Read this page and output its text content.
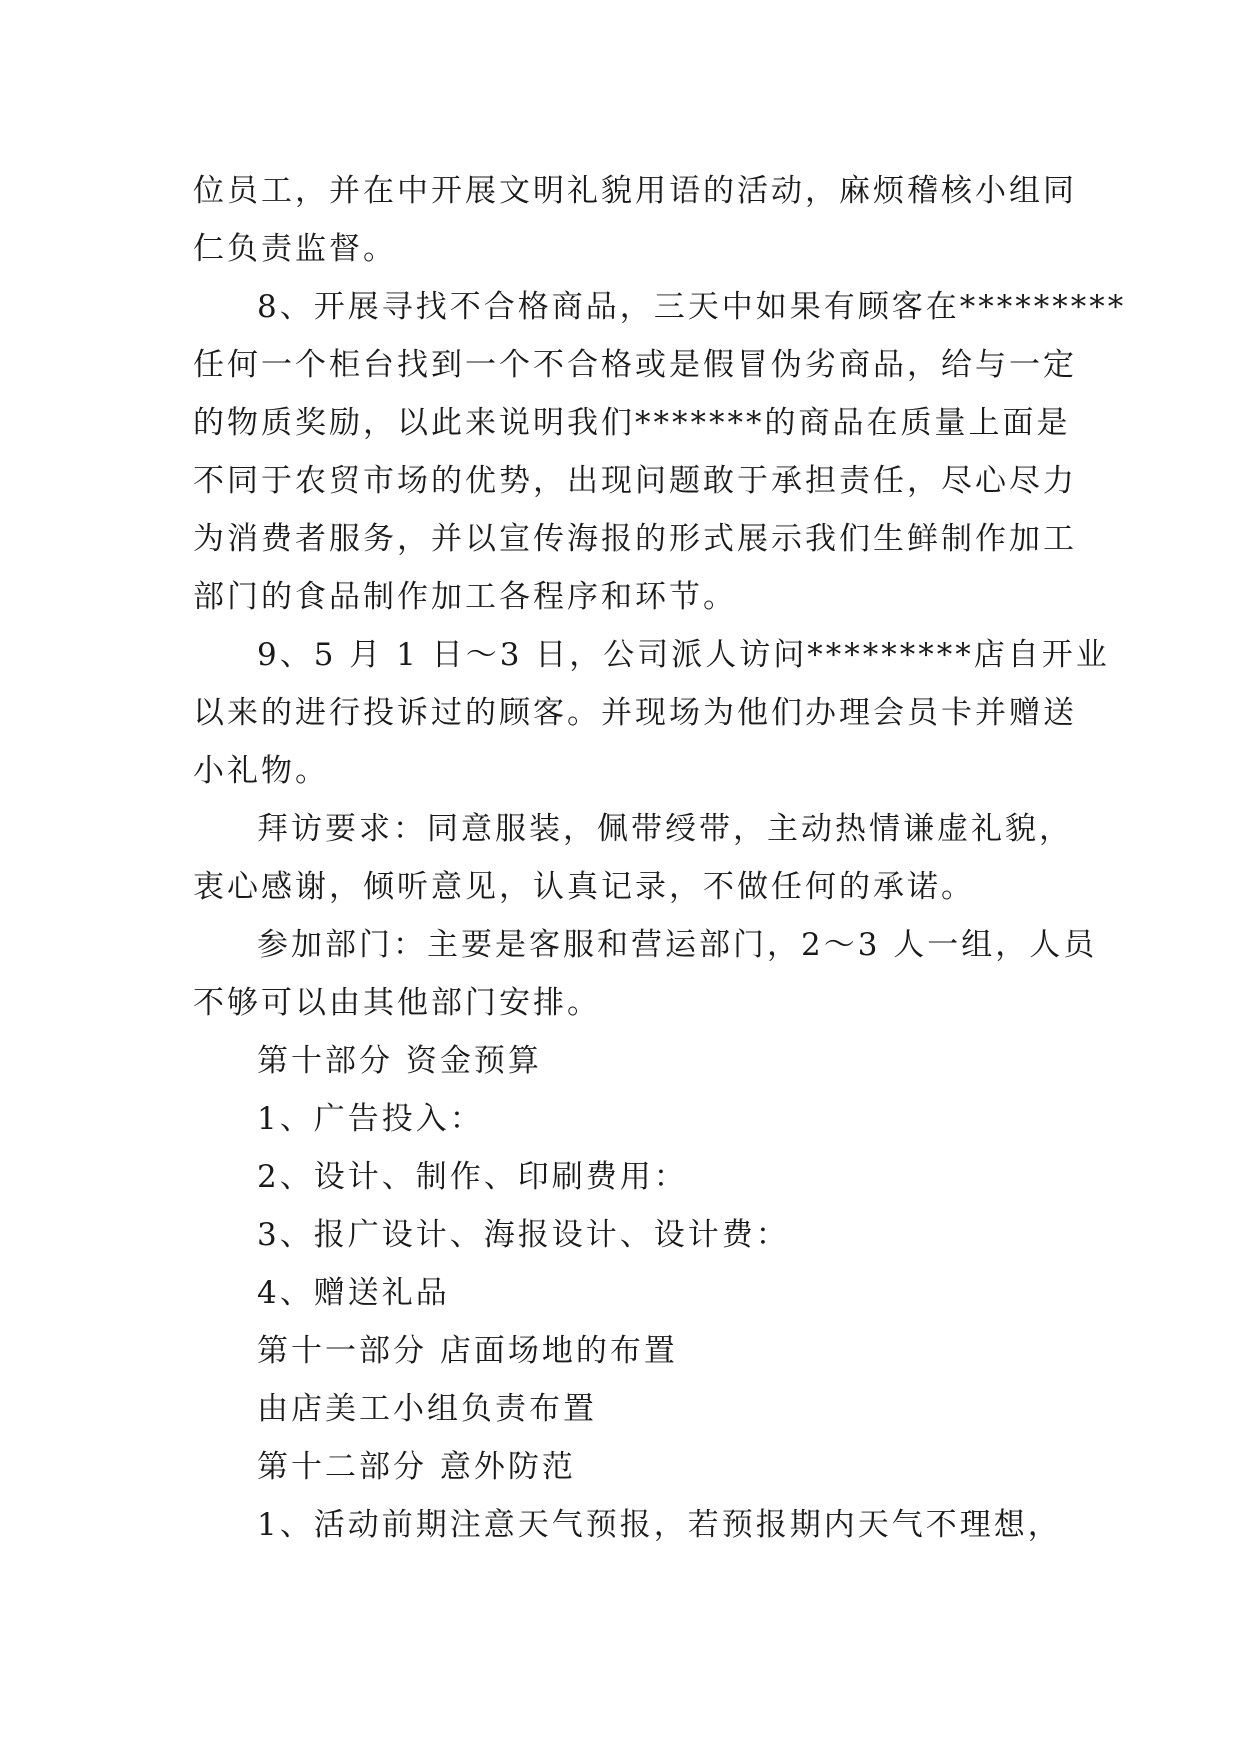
位员工，并在中开展文明礼貌用语的活动，麻烦稽核小组同
仁负责监督。
8、开展寻找不合格商品，三天中如果有顾客在*********
任何一个柜台找到一个不合格或是假冒伪劣商品，给与一定
的物质奖励，以此来说明我们*******的商品在质量上面是
不同于农贸市场的优势，出现问题敢于承担责任，尽心尽力
为消费者服务，并以宣传海报的形式展示我们生鲜制作加工
部门的食品制作加工各程序和环节。
9、5 月 1 日～3 日，公司派人访问*********店自开业
以来的进行投诉过的顾客。并现场为他们办理会员卡并赠送
小礼物。
拜访要求：同意服装，佩带绶带，主动热情谦虚礼貌，
衷心感谢，倾听意见，认真记录，不做任何的承诺。
参加部门：主要是客服和营运部门，2～3 人一组，人员
不够可以由其他部门安排。
第十部分 资金预算
1、广告投入：
2、设计、制作、印刷费用：
3、报广设计、海报设计、设计费：
4、赠送礼品
第十一部分 店面场地的布置
由店美工小组负责布置
第十二部分 意外防范
1、活动前期注意天气预报，若预报期内天气不理想，
